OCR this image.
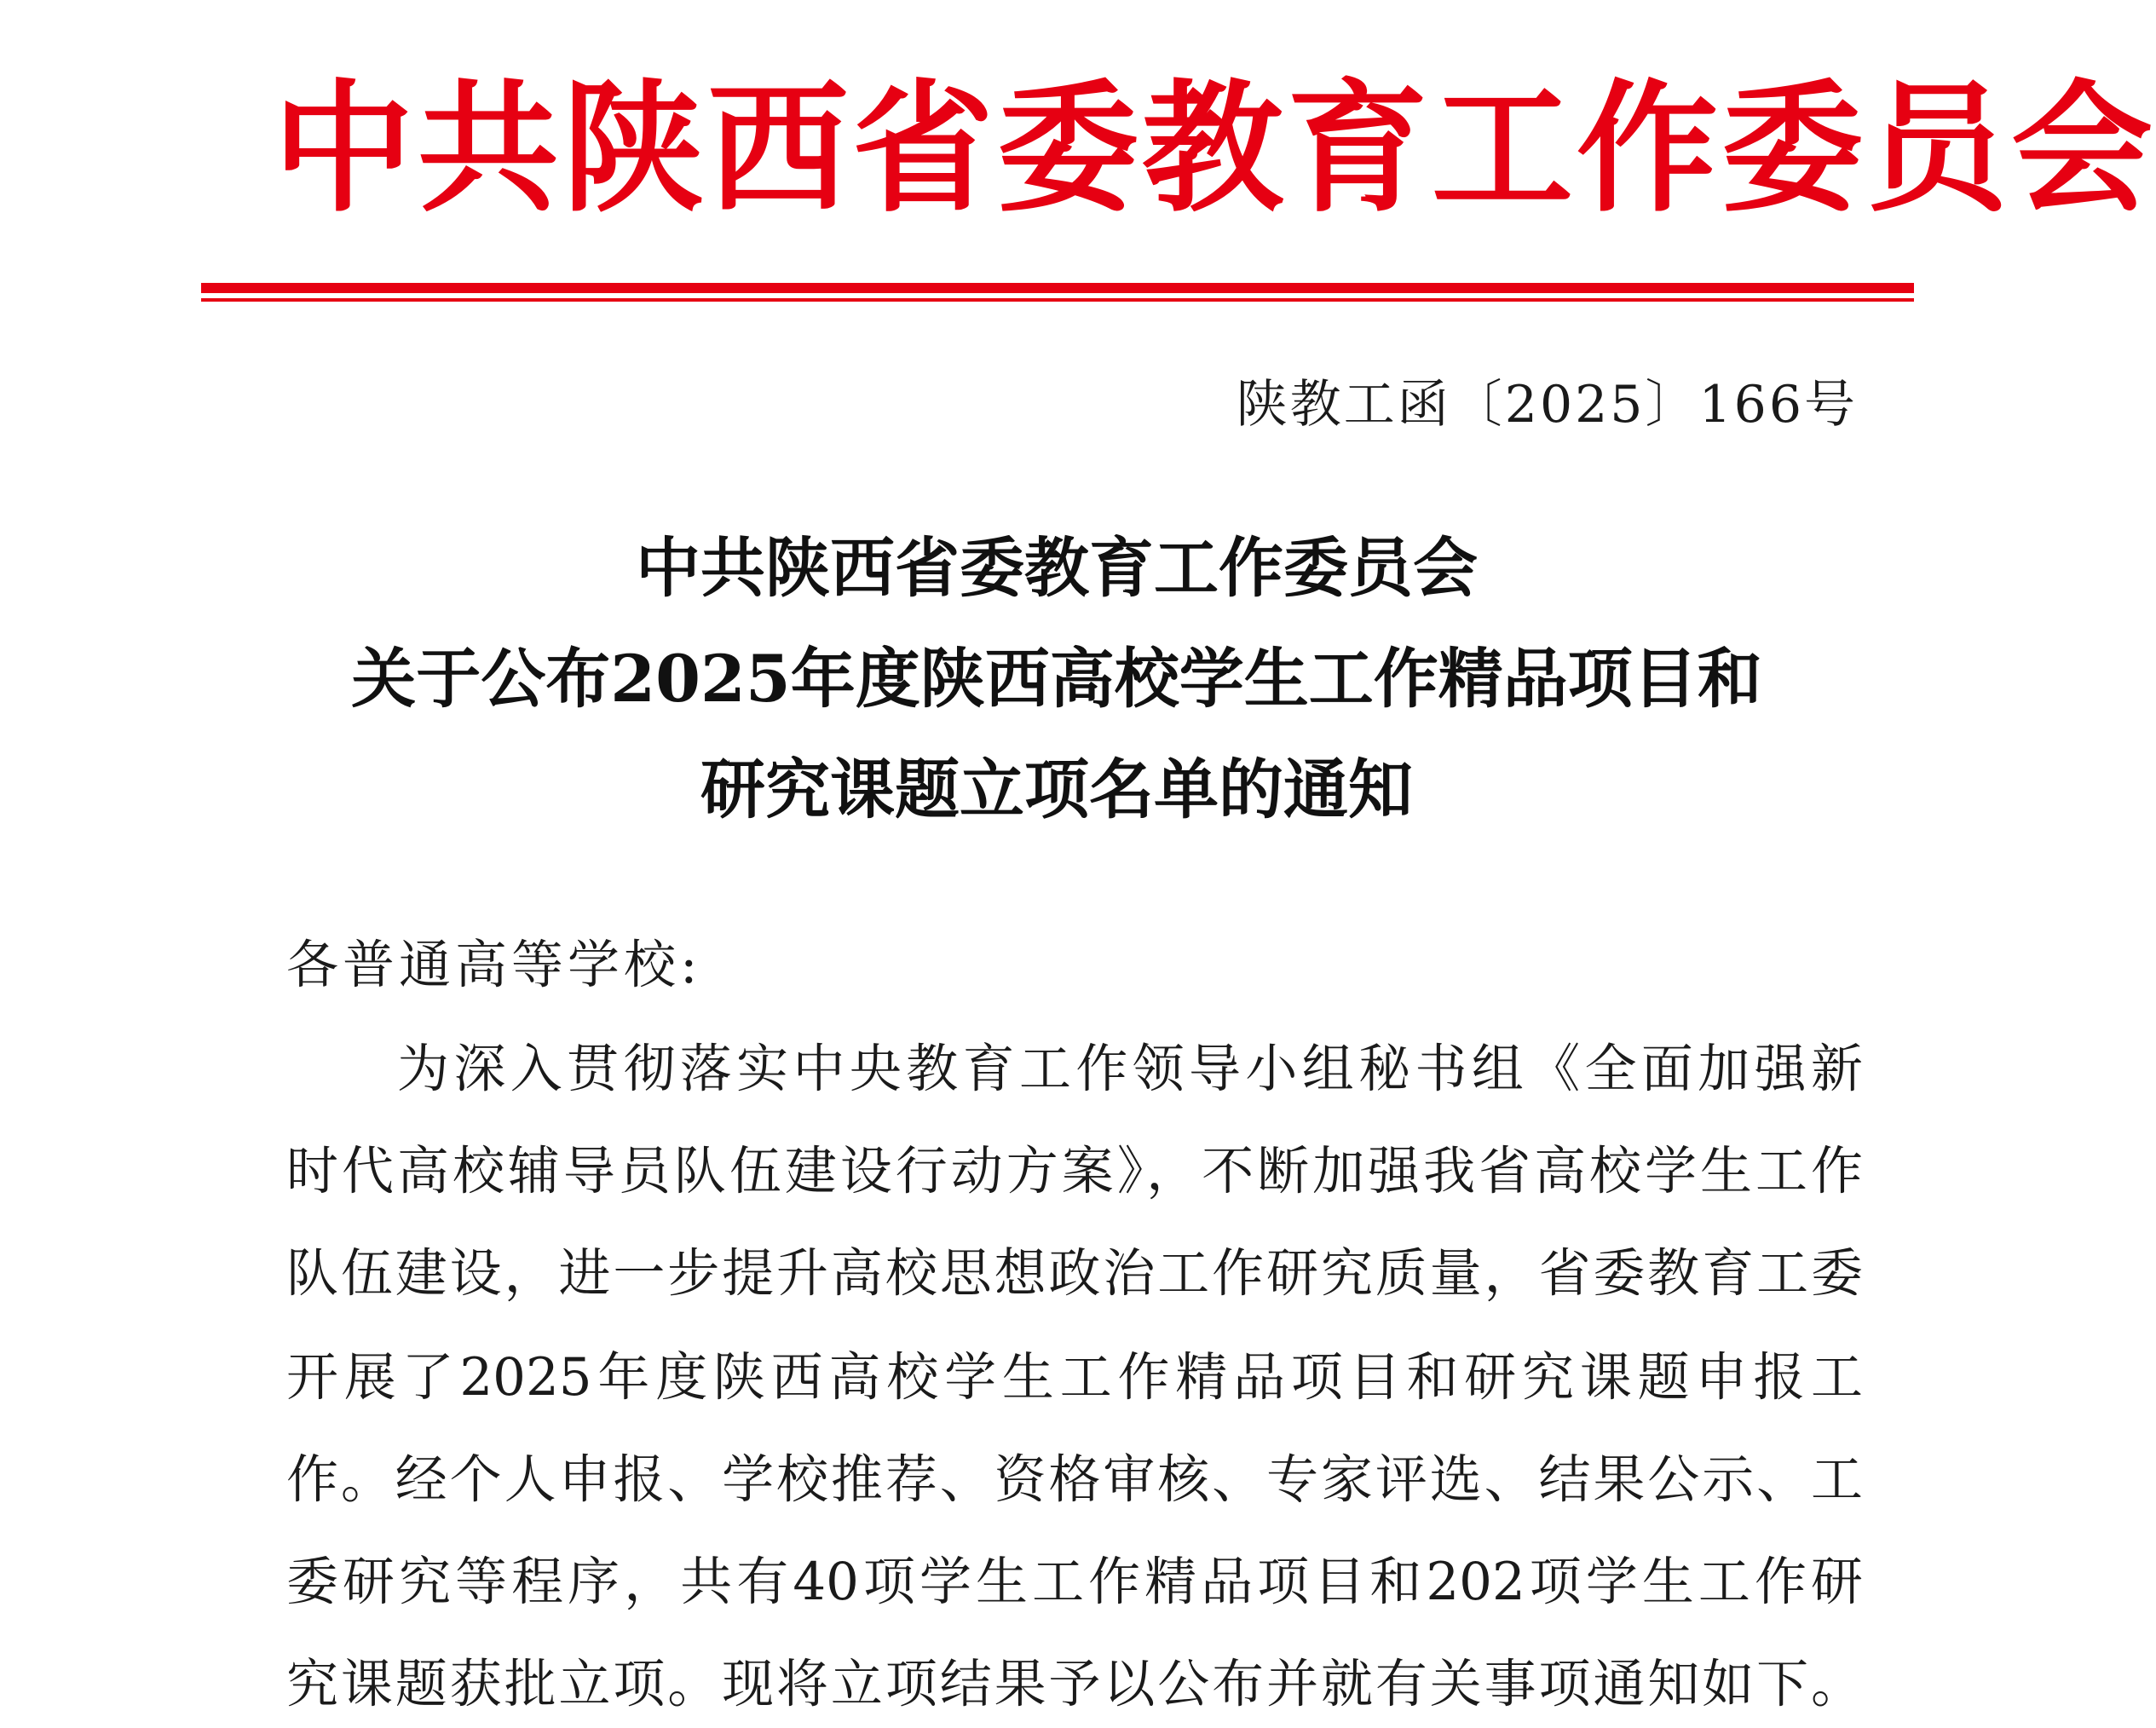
中共陕西省委教育工作委员会
陕教工函〔2025〕166号
中共陕西省委教育工作委员会
关于公布2025年度陕西高校学生工作精品项目和
研究课题立项名单的通知
各普通高等学校:
为深入贯彻落实中央教育工作领导小组秘书组《全面加强新
时代高校辅导员队伍建设行动方案》，不断加强我省高校学生工作
队伍建设，进一步提升高校思想政治工作研究质量，省委教育工委
开展了2025年度陕西高校学生工作精品项目和研究课题申报工
作。经个人申报、学校推荐、资格审核、专家评选、结果公示、工
委研究等程序，共有40项学生工作精品项目和202项学生工作研
究课题获批立项。现将立项结果予以公布并就有关事项通知如下。
